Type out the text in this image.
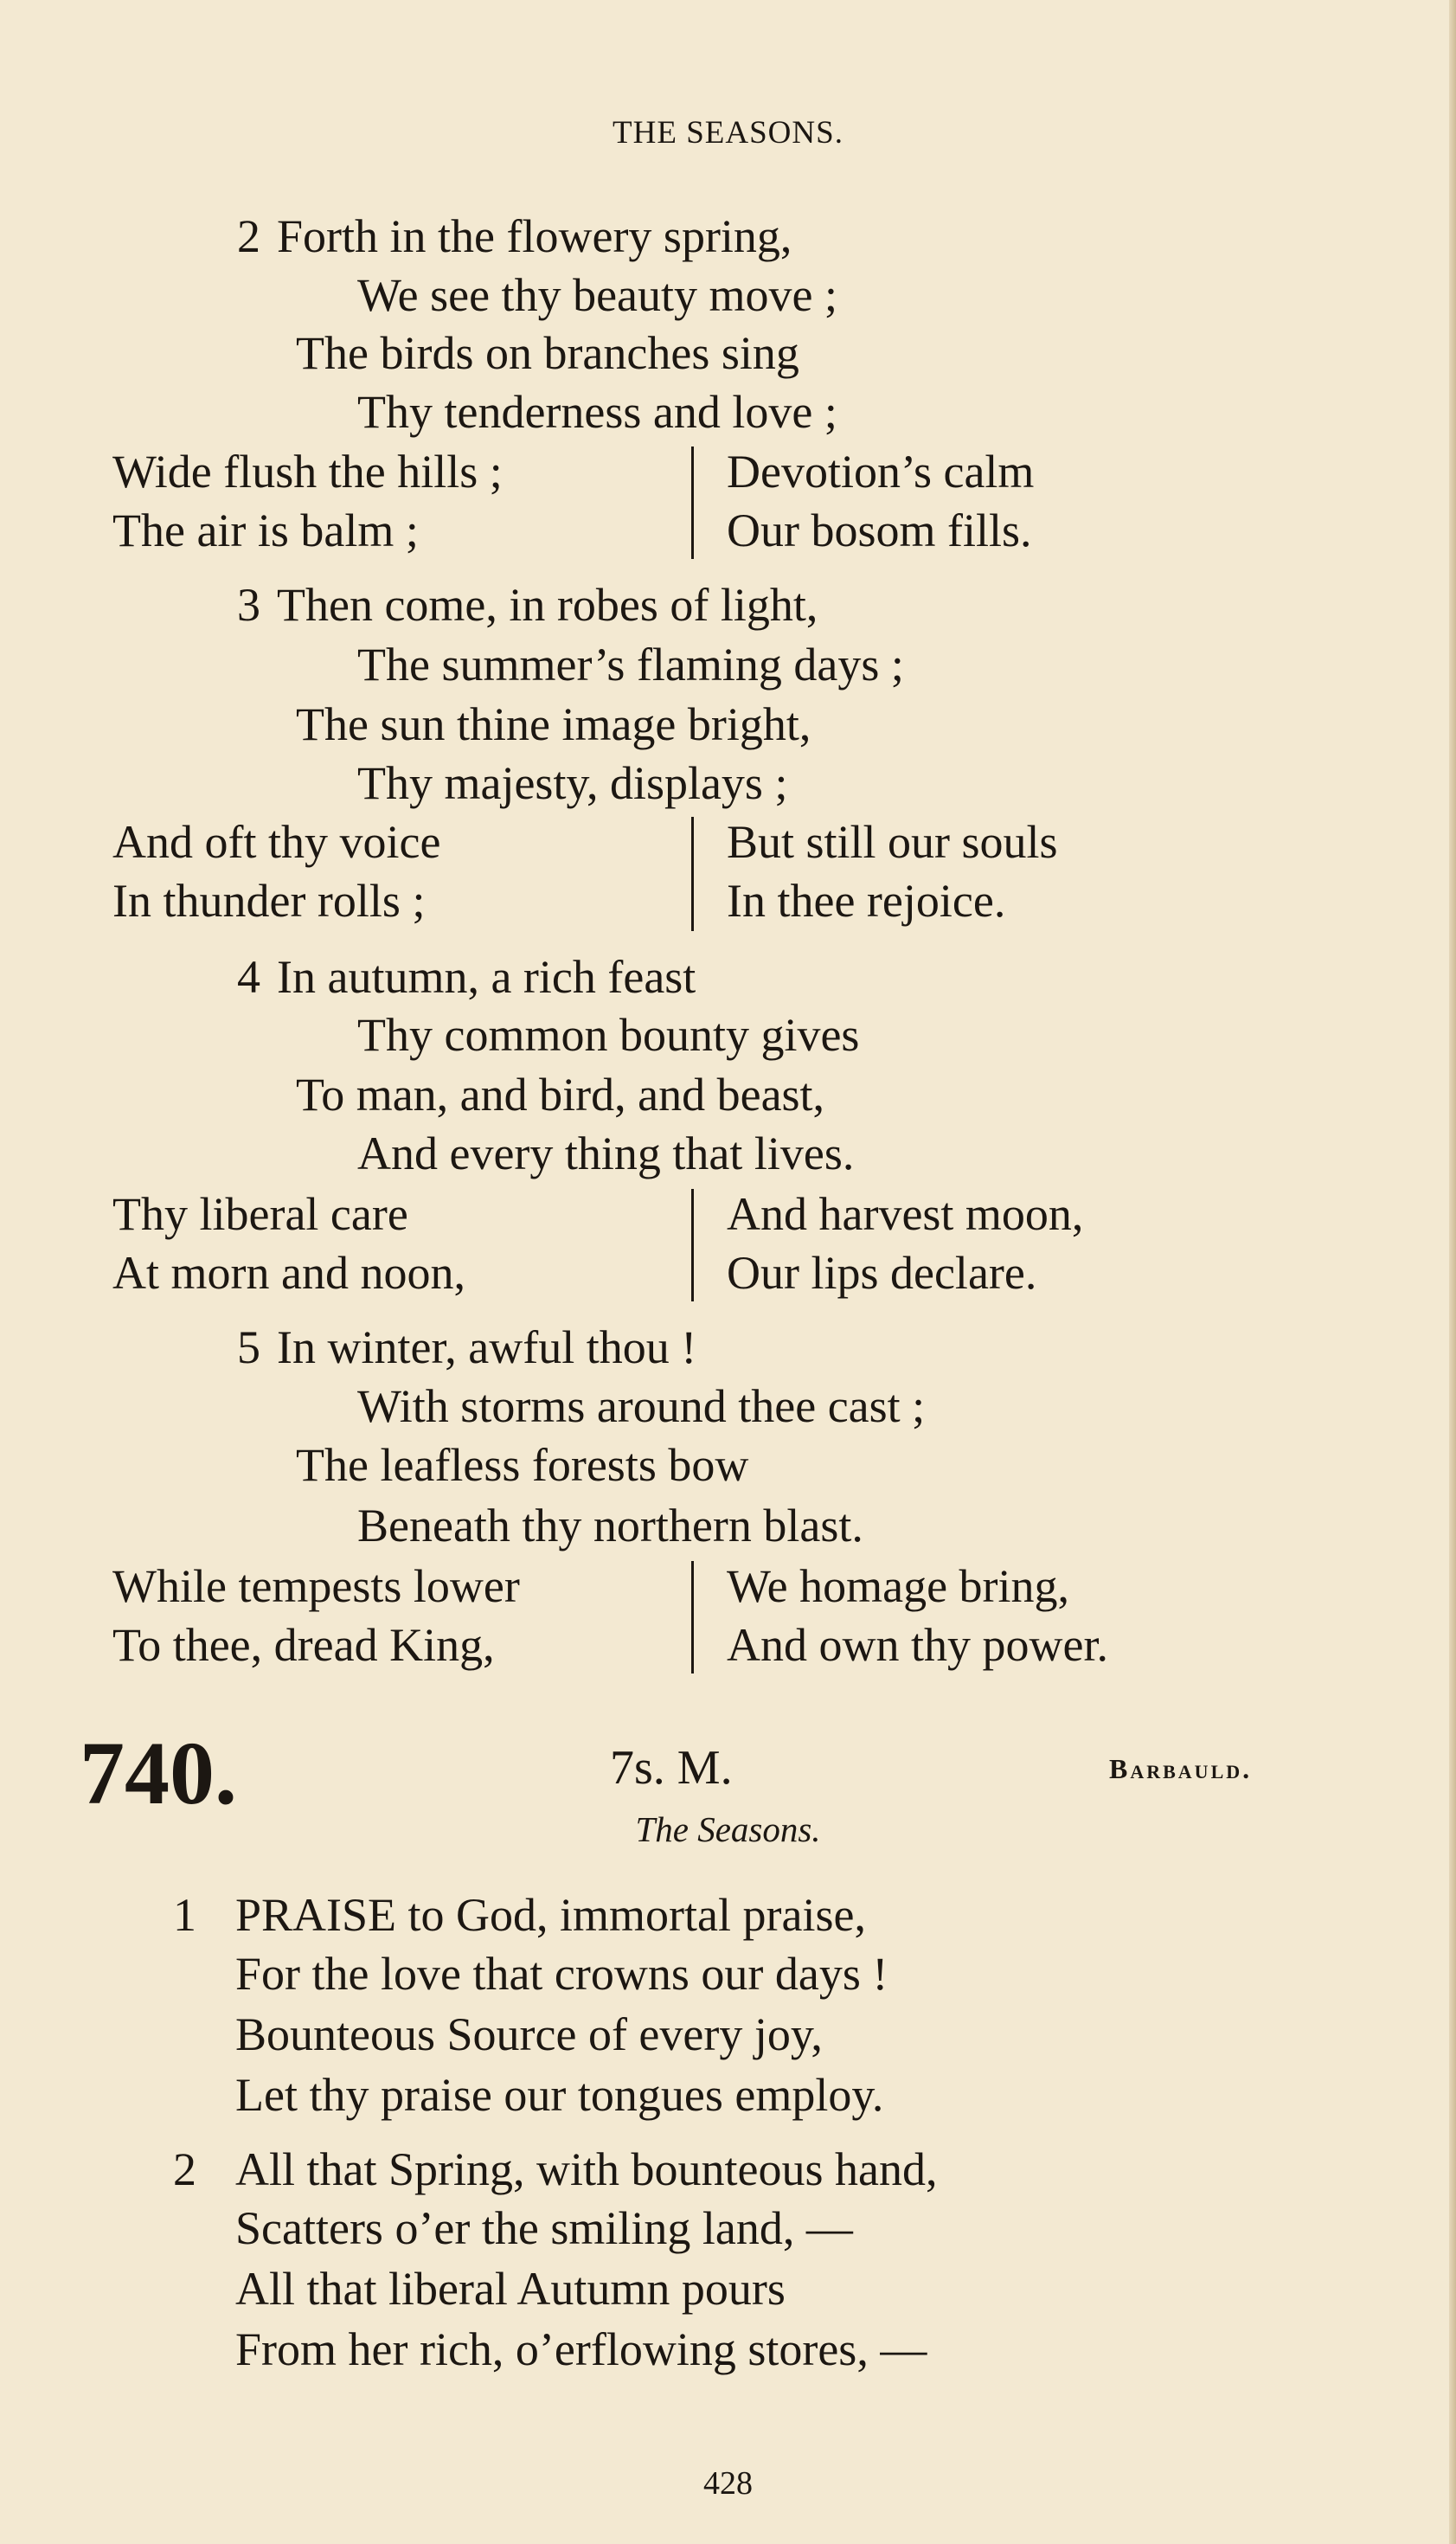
THE SEASONS.
2 Forth in the flowery spring,
We see thy beauty move ;
The birds on branches sing
Thy tenderness and love ;
Wide flush the hills ;
The air is balm ;
Devotion’s calm
Our bosom fills.
3 Then come, in robes of light,
The summer’s flaming days ;
The sun thine image bright,
Thy majesty, displays ;
And oft thy voice
In thunder rolls ;
But still our souls
In thee rejoice.
4 In autumn, a rich feast
Thy common bounty gives
To man, and bird, and beast,
And every thing that lives.
Thy liberal care
At morn and noon,
And harvest moon,
Our lips declare.
5 In winter, awful thou !
With storms around thee cast ;
The leafless forests bow
Beneath thy northern blast.
While tempests lower
To thee, dread King,
We homage bring,
And own thy power.
740.	7s. M.	Barbauld.
The Seasons.
1 PRAISE to God, immortal praise,
For the love that crowns our days !
Bounteous Source of every joy,
Let thy praise our tongues employ.
2 All that Spring, with bounteous hand,
Scatters o’er the smiling land, —
All that liberal Autumn pours
From her rich, o’erflowing stores, —
428
